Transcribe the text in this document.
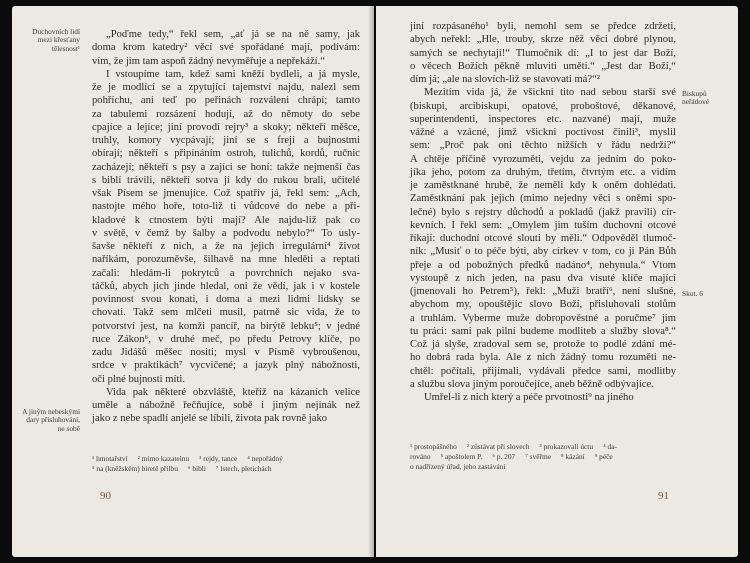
Duchovních lidí mezi křesťany tělesnost¹
A jiným nebeskými dary přisluhování, ne sobě

„Poďme tedy,“ řekl sem, „ať já se na ně samy, jak

doma krom katedry² věcí své spořádané mají, podívám:

vím, že jim tam aspoň žádný nevyměřuje a nepřekáží.“

I vstoupíme tam, kdež sami kněží bydleli, a já mysle,

že je modlící se a zpytující tajemství najdu, nalezl sem

pohříchu, ani teď po peřinách rozváleni chrápí; tamto

za tabulemi rozsázení hodují, až do němoty do sebe

cpajíce a lejíce; jiní provodí rejry³ a skoky; někteří měšce,

truhly, komory vycpávají; jiní se s frejí a bujnostmi

obírají; někteří s připínáním ostroh, tulichů, kordů, ručnic

zacházejí; někteří s psy a zajíci se honí: takže nejmenší čas

s biblí trávili, někteří sotva jí kdy do rukou brali, učitelé

však Písem se jmenujíce. Což spatřív já, řekl sem: „Ach,

nastojte mého hoře, toto-liž ti vůdcové do nebe a při-

kladové k ctnostem býti mají? Ale najdu-liž pak co

v světě, v čemž by šalby a podvodu nebylo?“ To usly-

šavše někteří z nich, a že na jejich irregulární⁴ život

naříkám, porozuměvše, šilhavě na mne hleděti a reptati

začali: hledám-li pokrytců a povrchních nejako sva-

táčků, abych jich jinde hledal, oni že vědí, jak i v kostele

povinnost svou konati, i doma a mezi lidmi lidsky se

chovati. Takž sem mlčeti musil, patrně sic vida, že to

potvorství jest, na komži pancíř, na birýtě lebku⁵; v jedné

ruce Zákon⁶, v druhé meč, po předu Petrovy klíče, po

zadu Jidášů měšec nositi; mysl v Písmě vybroušenou,

srdce v praktikách⁷ vycvičené; a jazyk plný nábožnosti,

oči plné bujnosti míti.

Vida pak některé obzvláště, kteříž na kázaních velice

uměle a nábožně řečňujíce, sobě i jiným nejinák než

jako z nebe spadlí anjelé se líbili, života pak rovně jako

¹ hmotařství ² mimo kazatelnu ³ rejdy, tance ⁴ nepořádný
⁵ na (kněžském) biretě přilbu ⁶ bibli ⁷ lstech, pletichách
90
Biskupů neřádové
Skut. 6

jiní rozpásaného¹ byli, nemohl sem se předce zdržeti,

abych neřekl: „Hle, trouby, skrze něž věci dobré plynou,

samých se nechytají!“ Tlumočník dí: „I to jest dar Boží,

o věcech Božích pěkně mluviti uměti.“ „Jest dar Boží,“

dím já; „ale na slovích-liž se stavovati má?“²

Mezitím vida já, že všickni tito nad sebou starší své

(biskupi, arcibiskupi, opatové, proboštové, děkanové,

superintendenti, inspectores etc. nazvané) mají, muže

vážné a vzácné, jimž všickni poctivost činili³, myslil

sem: „Proč pak oni těchto nižších v řádu nedrží?“

A chtěje příčině vyrozuměti, vejdu za jedním do poko-

jíka jeho, potom za druhým, třetím, čtvrtým etc. a vidím

je zaměstknané hrubě, že neměli kdy k oněm dohlédati.

Zaměstknání pak jejich (mimo nejedny věci s oněmi spo-

lečné) bylo s rejstry důchodů a pokladů (jakž pravili) cír-

kevních. I řekl sem: „Omylem jim tuším duchovní otcové

říkají: duchodní otcové slouti by měli.“ Odpověděl tlumoč-

ník: „Musiť o to péče býti, aby církev v tom, co ji Pán Bůh

přeje a od pobožných předků nadáno⁴, nehynula.“ Vtom

vystoupě z nich jeden, na pasu dva visuté klíče mající

(jmenovali ho Petrem⁵), řekl: „Muži bratří⁶, není slušné,

abychom my, opouštějíc slovo Boží, přisluhovali stolům

a truhlám. Vyberme muže dobropověstné a poručme⁷ jim

tu práci: sami pak pilní budeme modliteb a služby slova⁸.“

Což já slyše, zradoval sem se, protože to podlé zdání mé-

ho dobrá rada byla. Ale z nich žádný tomu rozuměti ne-

chtěl: počítali, přijímali, vydávali předce sami, modlitby

a službu slova jiným poroučejíce, aneb běžně odbývajíce.

Umřel-li z nich který a péče prvotnosti⁹ na jiného

¹ prostopášného ² zůstávat při slovech ³ prokazovali úctu ⁴ da-
rováno ⁵ apoštolem P. ⁶ p. 207 ⁷ svěřme ⁸ kázání ⁹ péče
o nadřízený úřad, jeho zastávání
91
